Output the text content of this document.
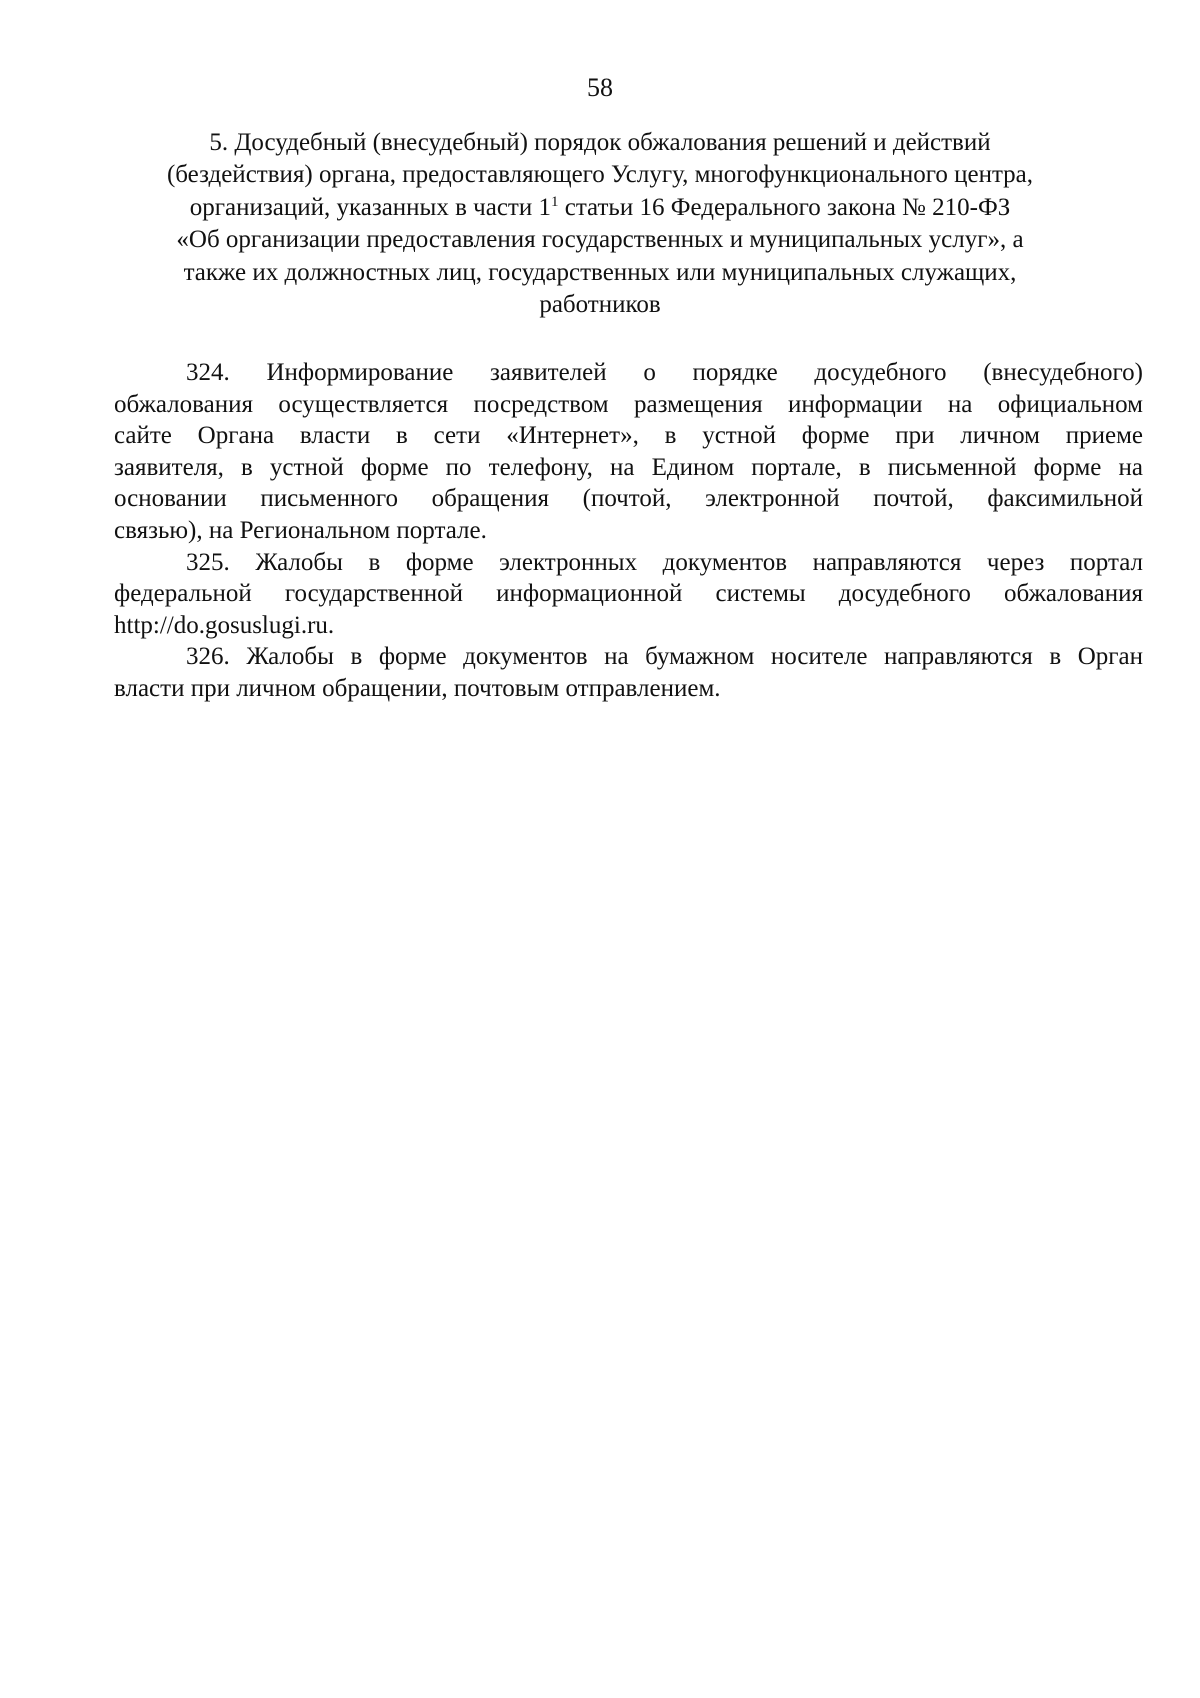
58
5. Досудебный (внесудебный) порядок обжалования решений и действий
(бездействия) органа, предоставляющего Услугу, многофункционального центра,
организаций, указанных в части $1^1$ статьи 16 Федерального закона № 210-ФЗ
«Об организации предоставления государственных и муниципальных услуг», а
также их должностных лиц, государственных или муниципальных служащих,
работников

324. Информирование заявителей о порядке досудебного (внесудебного)
обжалования осуществляется посредством размещения информации на официальном
сайте Органа власти в сети «Интернет», в устной форме при личном приеме
заявителя, в устной форме по телефону, на Едином портале, в письменной форме на
основании письменного обращения (почтой, электронной почтой, факсимильной
связью), на Региональном портале.

325. Жалобы в форме электронных документов направляются через портал
федеральной государственной информационной системы досудебного обжалования
http://do.gosuslugi.ru.

326. Жалобы в форме документов на бумажном носителе направляются в Орган
власти при личном обращении, почтовым отправлением.
